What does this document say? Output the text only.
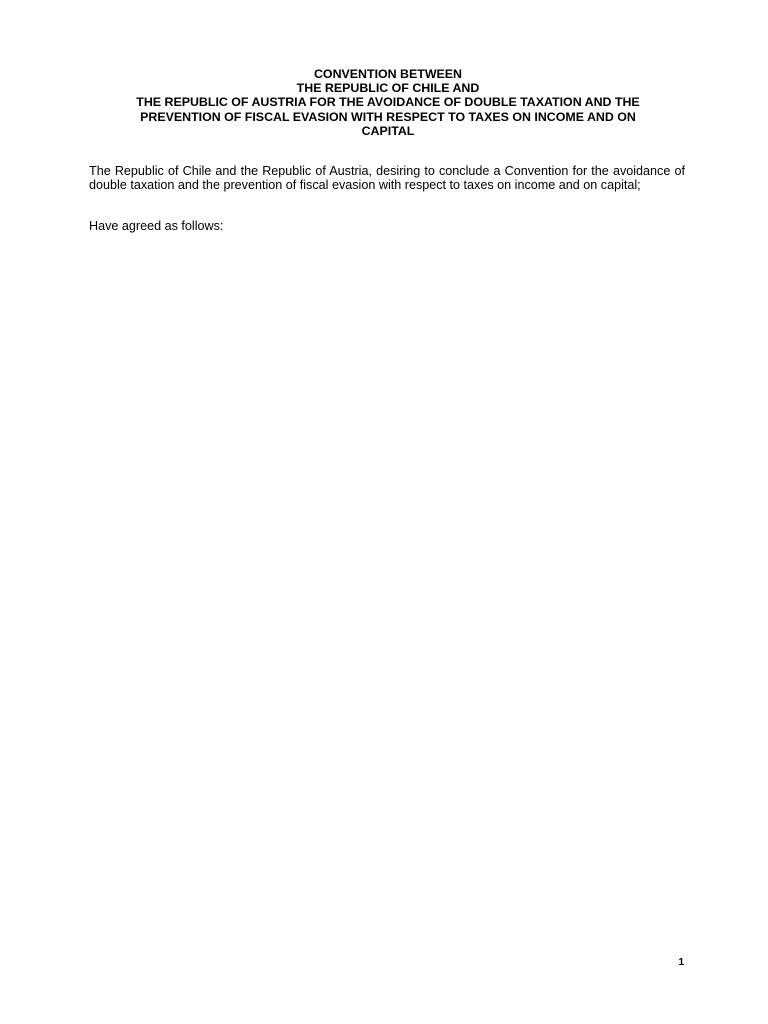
CONVENTION BETWEEN
THE REPUBLIC OF CHILE AND
THE REPUBLIC OF AUSTRIA FOR THE AVOIDANCE OF DOUBLE TAXATION AND THE
PREVENTION OF FISCAL EVASION WITH RESPECT TO TAXES ON INCOME AND ON
CAPITAL

The Republic of Chile and the Republic of Austria, desiring to conclude a Convention for the avoidance of double taxation and the prevention of fiscal evasion with respect to taxes on income and on capital;

Have agreed as follows:

1
